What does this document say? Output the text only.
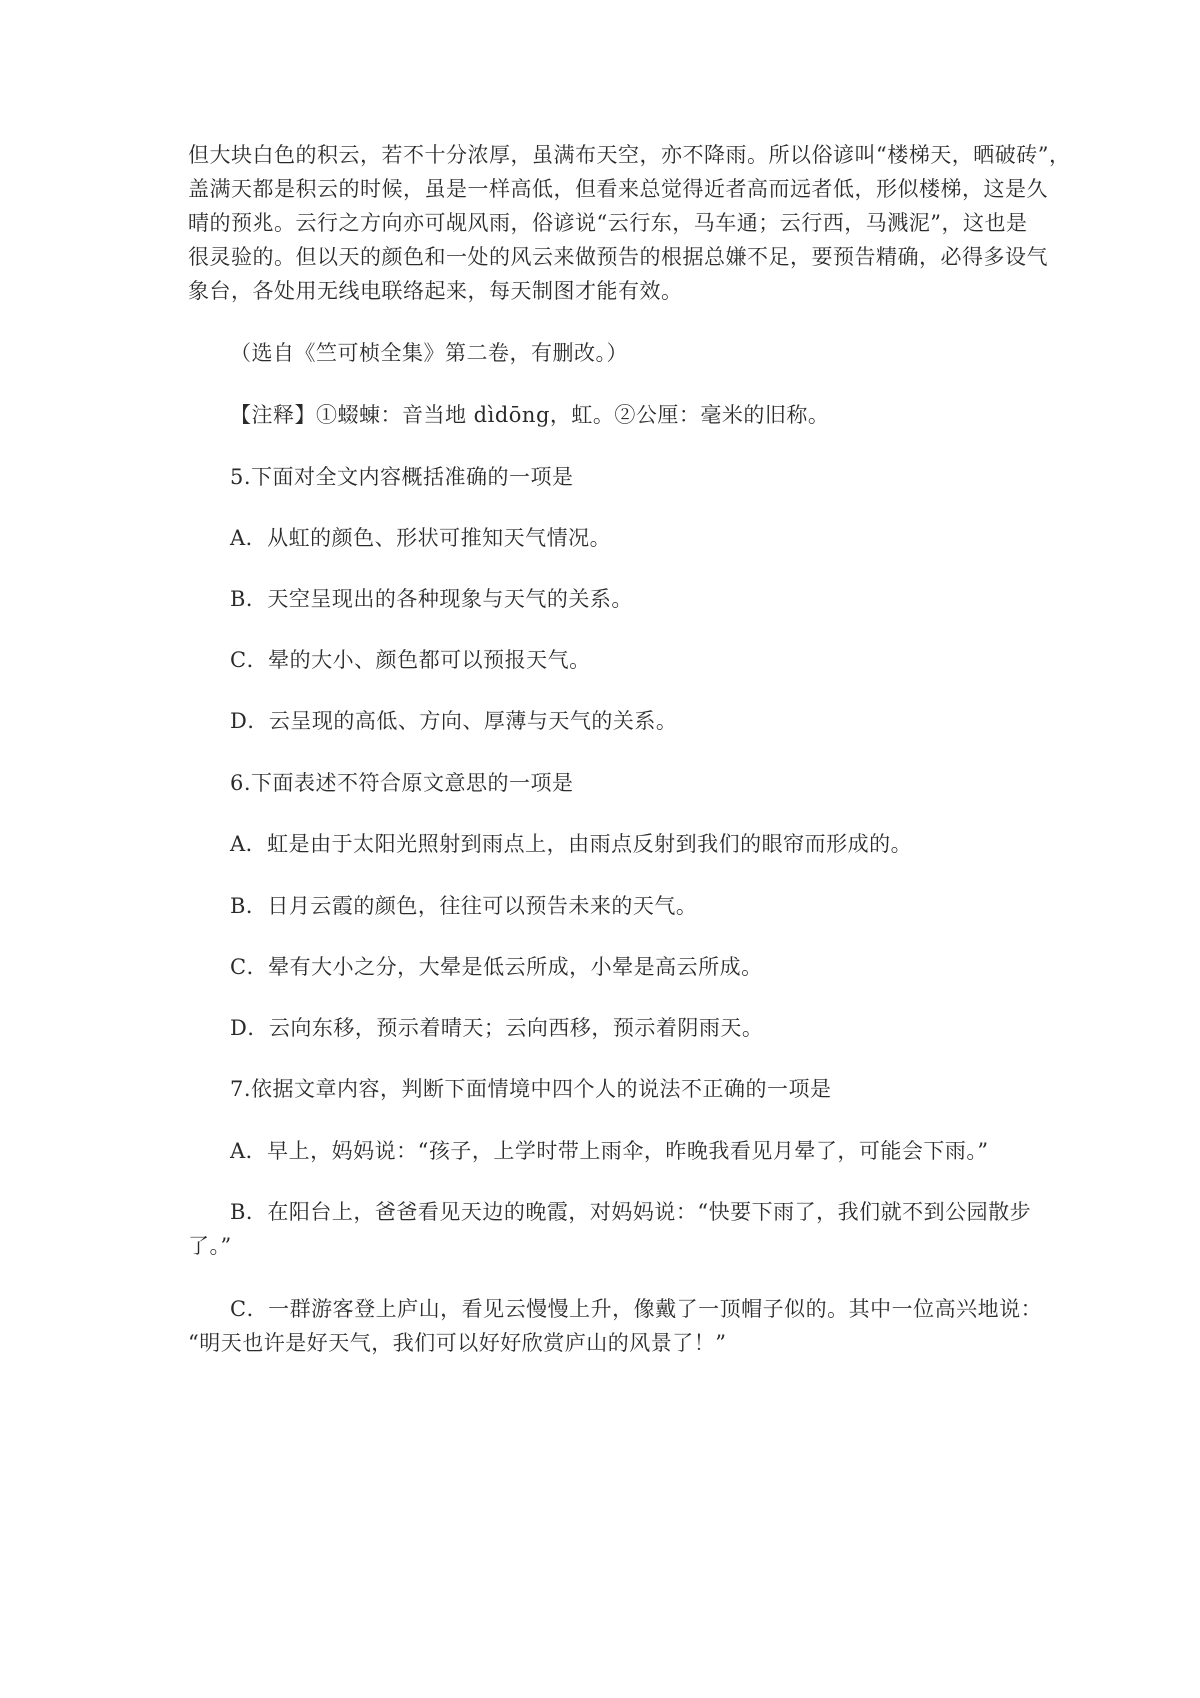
但大块白色的积云，若不十分浓厚，虽满布天空，亦不降雨。所以俗谚叫“楼梯天，晒破砖”，
盖满天都是积云的时候，虽是一样高低，但看来总觉得近者高而远者低，形似楼梯，这是久
晴的预兆。云行之方向亦可觇风雨，俗谚说“云行东，马车通；云行西，马溅泥”，这也是
很灵验的。但以天的颜色和一处的风云来做预告的根据总嫌不足，要预告精确，必得多设气
象台，各处用无线电联络起来，每天制图才能有效。

（选自《竺可桢全集》第二卷，有删改。）

【注释】①蝃蝀：音当地 dìdōng，虹。②公厘：毫米的旧称。

5.下面对全文内容概括准确的一项是

A．从虹的颜色、形状可推知天气情况。

B．天空呈现出的各种现象与天气的关系。

C．晕的大小、颜色都可以预报天气。

D．云呈现的高低、方向、厚薄与天气的关系。

6.下面表述不符合原文意思的一项是

A．虹是由于太阳光照射到雨点上，由雨点反射到我们的眼帘而形成的。

B．日月云霞的颜色，往往可以预告未来的天气。

C．晕有大小之分，大晕是低云所成，小晕是高云所成。

D．云向东移，预示着晴天；云向西移，预示着阴雨天。

7.依据文章内容，判断下面情境中四个人的说法不正确的一项是

A．早上，妈妈说：“孩子，上学时带上雨伞，昨晚我看见月晕了，可能会下雨。”

B．在阳台上，爸爸看见天边的晚霞，对妈妈说：“快要下雨了，我们就不到公园散步
了。”
C．一群游客登上庐山，看见云慢慢上升，像戴了一顶帽子似的。其中一位高兴地说：
“明天也许是好天气，我们可以好好欣赏庐山的风景了！”
